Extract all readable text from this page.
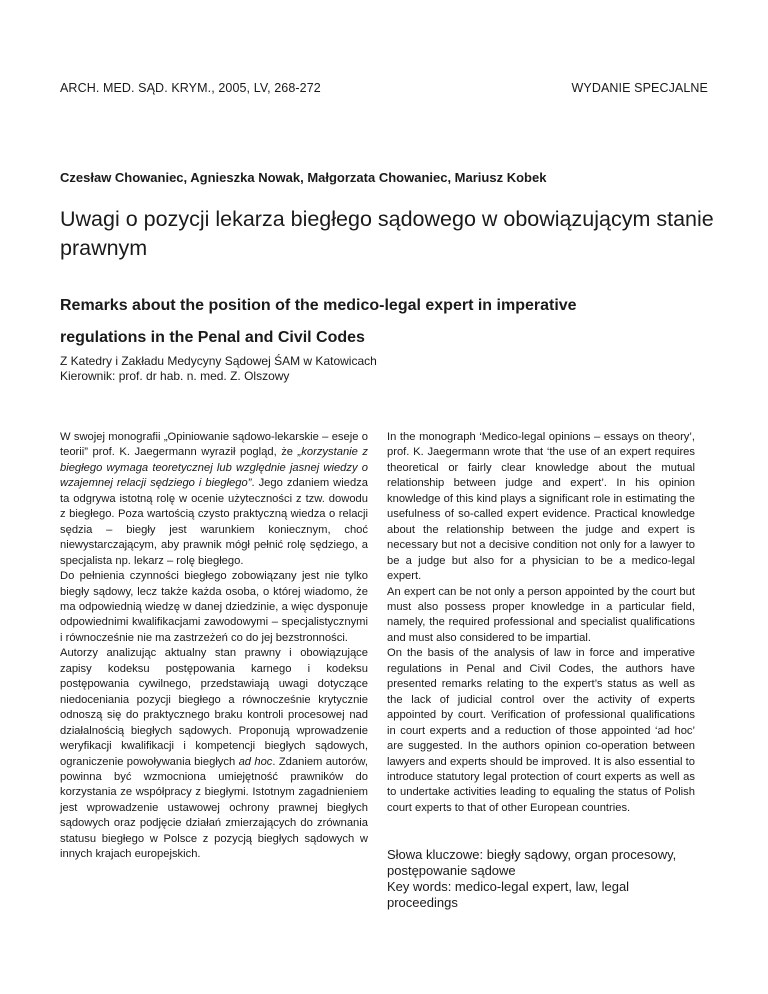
ARCH. MED. SĄD. KRYM., 2005, LV, 268-272	WYDANIE SPECJALNE
Czesław Chowaniec, Agnieszka Nowak, Małgorzata Chowaniec, Mariusz Kobek
Uwagi o pozycji lekarza biegłego sądowego w obowiązującym stanie prawnym
Remarks about the position of the medico-legal expert in imperative regulations in the Penal and Civil Codes
Z Katedry i Zakładu Medycyny Sądowej ŚAM w Katowicach
Kierownik: prof. dr hab. n. med. Z. Olszowy

W swojej monografii „Opiniowanie sądowo-lekarskie – eseje o teorii” prof. K. Jaegermann wyraził pogląd, że „korzystanie z biegłego wymaga teoretycznej lub względnie jasnej wiedzy o wzajemnej relacji sędziego i biegłego”. Jego zdaniem wiedza ta odgrywa istotną rolę w ocenie użyteczności z tzw. dowodu z biegłego. Poza wartością czysto praktyczną wiedza o relacji sędzia – biegły jest warunkiem koniecznym, choć niewystarczającym, aby prawnik mógł pełnić rolę sędziego, a specjalista np. lekarz – rolę biegłego.

Do pełnienia czynności biegłego zobowiązany jest nie tylko biegły sądowy, lecz także każda osoba, o której wiadomo, że ma odpowiednią wiedzę w danej dziedzinie, a więc dysponuje odpowiednimi kwalifikacjami zawodowymi – specjalistycznymi i równocześnie nie ma zastrzeżeń co do jej bezstronności.

Autorzy analizując aktualny stan prawny i obowiązujące zapisy kodeksu postępowania karnego i kodeksu postępowania cywilnego, przedstawiają uwagi dotyczące niedoceniania pozycji biegłego a równocześnie krytycznie odnoszą się do praktycznego braku kontroli procesowej nad działalnością biegłych sądowych. Proponują wprowadzenie weryfikacji kwalifikacji i kompetencji biegłych sądowych, ograniczenie powoływania biegłych ad hoc. Zdaniem autorów, powinna być wzmocniona umiejętność prawników do korzystania ze współpracy z biegłymi. Istotnym zagadnieniem jest wprowadzenie ustawowej ochrony prawnej biegłych sądowych oraz podjęcie działań zmierzających do zrównania statusu biegłego w Polsce z pozycją biegłych sądowych w innych krajach europejskich.

In the monograph ‘Medico-legal opinions – essays on theory’, prof. K. Jaegermann wrote that ‘the use of an expert requires theoretical or fairly clear knowledge about the mutual relationship between judge and expert’. In his opinion knowledge of this kind plays a significant role in estimating the usefulness of so-called expert evidence. Practical knowledge about the relationship between the judge and expert is necessary but not a decisive condition not only for a lawyer to be a judge but also for a physician to be a medico-legal expert.

An expert can be not only a person appointed by the court but must also possess proper knowledge in a particular field, namely, the required professional and specialist qualifications and must also considered to be impartial.

On the basis of the analysis of law in force and imperative regulations in Penal and Civil Codes, the authors have presented remarks relating to the expert’s status as well as the lack of judicial control over the activity of experts appointed by court. Verification of professional qualifications in court experts and a reduction of those appointed ‘ad hoc’ are suggested. In the authors opinion co-operation between lawyers and experts should be improved. It is also essential to introduce statutory legal protection of court experts as well as to undertake activities leading to equaling the status of Polish court experts to that of other European countries.

Słowa kluczowe: biegły sądowy, organ procesowy, postępowanie sądowe

Key words: medico-legal expert, law, legal proceedings
